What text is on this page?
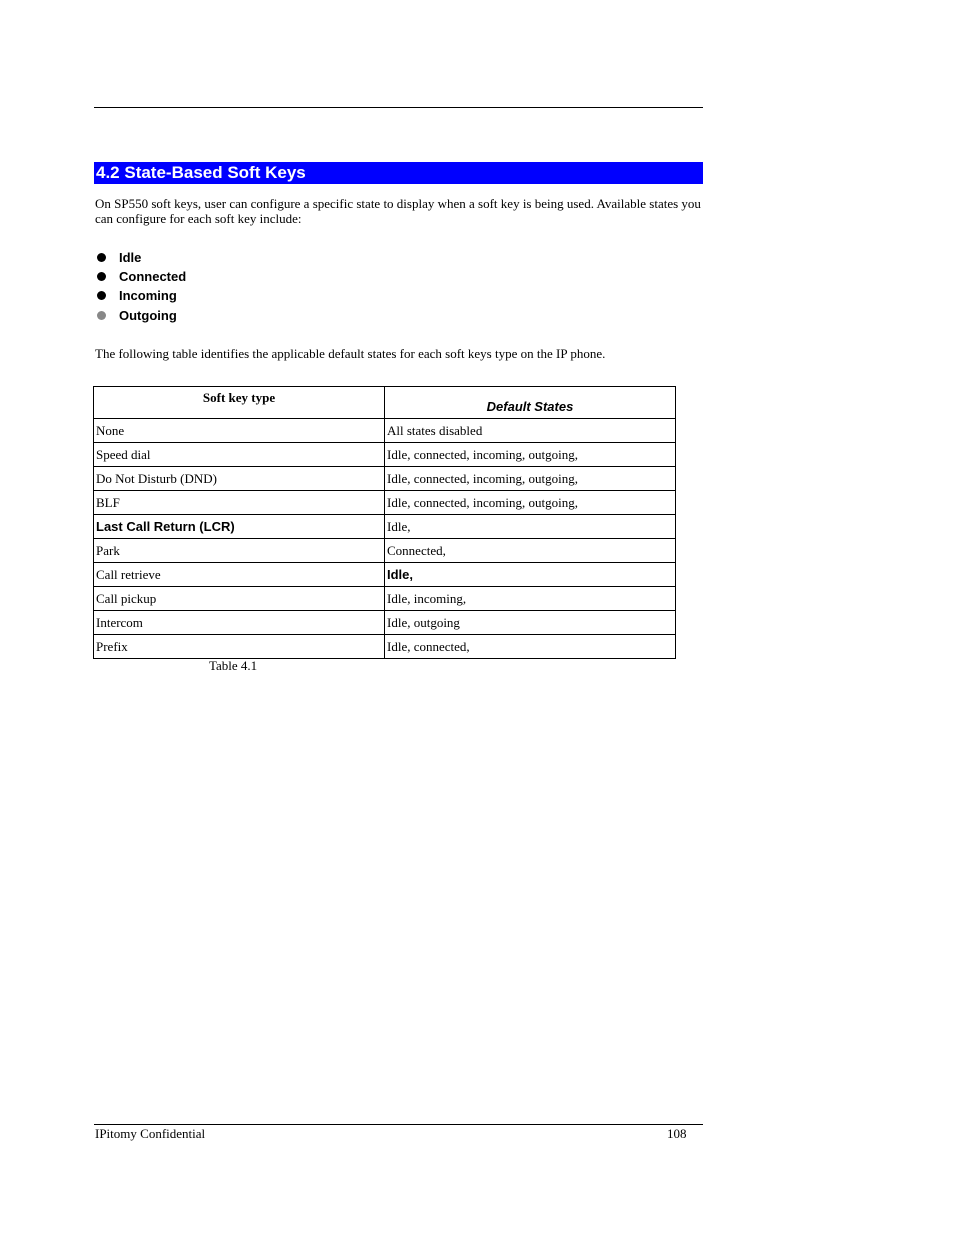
4.2 State-Based Soft Keys
On SP550 soft keys, user can configure a specific state to display when a soft key is being used. Available states you can configure for each soft key include:
Idle
Connected
Incoming
Outgoing
The following table identifies the applicable default states for each soft keys type on the IP phone.
Soft key type	Default States
None	All states disabled
Speed dial	Idle, connected, incoming, outgoing,
Do Not Disturb (DND)	Idle, connected, incoming, outgoing,
BLF	Idle, connected, incoming, outgoing,
Last Call Return (LCR)	Idle,
Park	Connected,
Call retrieve	Idle,
Call pickup	Idle, incoming,
Intercom	Idle, outgoing
Prefix	Idle, connected,
Table 4.1
IPitomy Confidential	108
